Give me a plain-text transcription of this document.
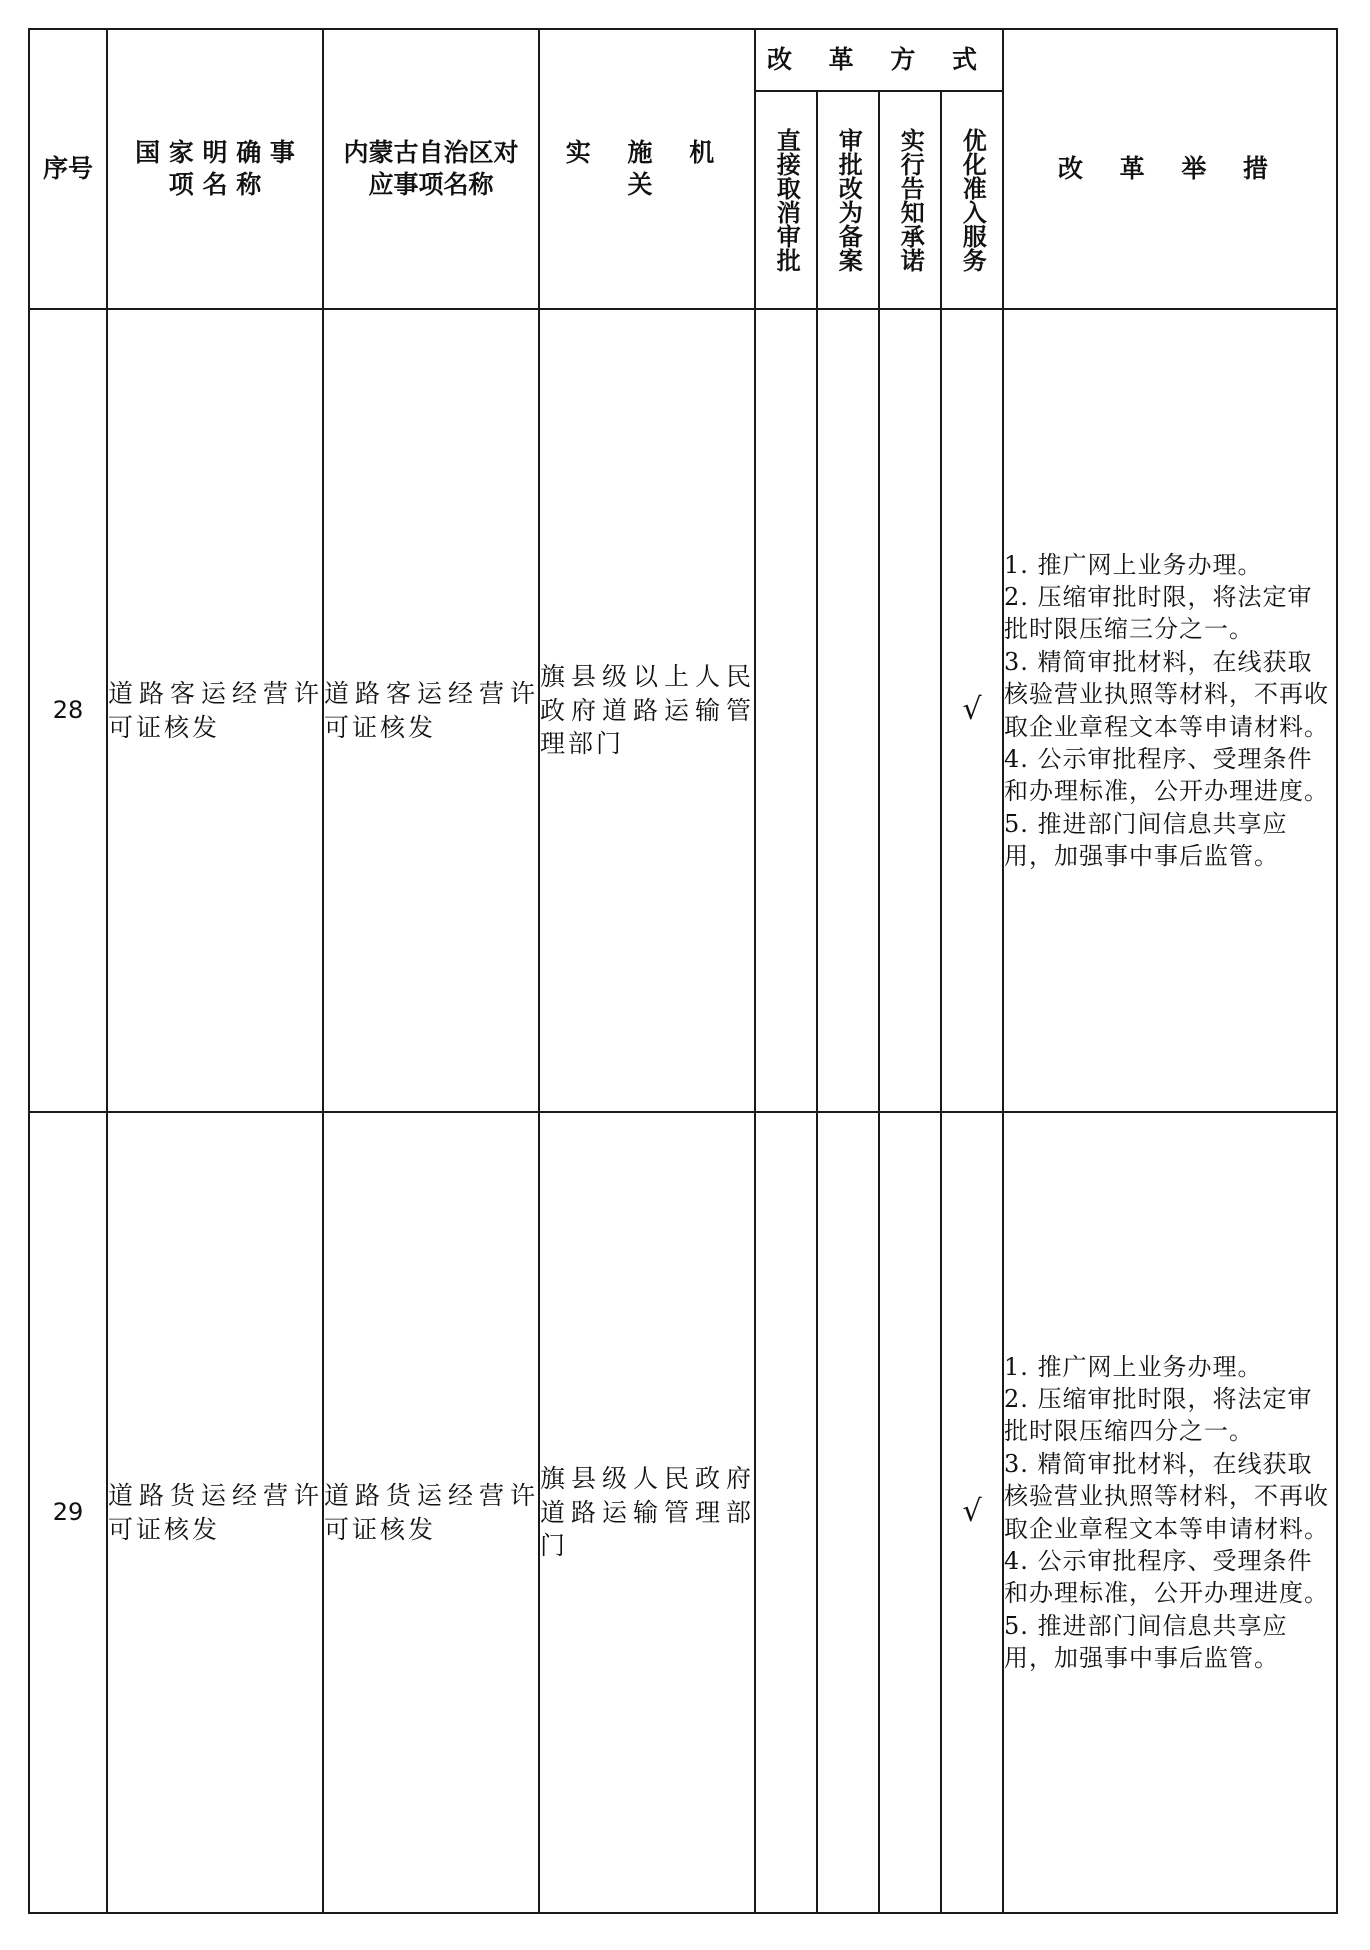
序号	国 家 明 确 事 项 名 称	内蒙古自治区对应事项名称	实 施 机 关	改 革 方 式				改 革 举 措

				直接取消审批	审批改为备案	实行告知承诺	优化准入服务	

28	道路客运经营许可证核发	道路客运经营许可证核发	旗县级以上人民政府道路运输管理部门				√	1. 推广网上业务办理。
2. 压缩审批时限，将法定审批时限压缩三分之一。
3. 精简审批材料，在线获取核验营业执照等材料，不再收取企业章程文本等申请材料。
4. 公示审批程序、受理条件和办理标准，公开办理进度。
5. 推进部门间信息共享应用，加强事中事后监管。

29	道路货运经营许可证核发	道路货运经营许可证核发	旗县级人民政府道路运输管理部门				√	1. 推广网上业务办理。
2. 压缩审批时限，将法定审批时限压缩四分之一。
3. 精简审批材料，在线获取核验营业执照等材料，不再收取企业章程文本等申请材料。
4. 公示审批程序、受理条件和办理标准，公开办理进度。
5. 推进部门间信息共享应用，加强事中事后监管。
